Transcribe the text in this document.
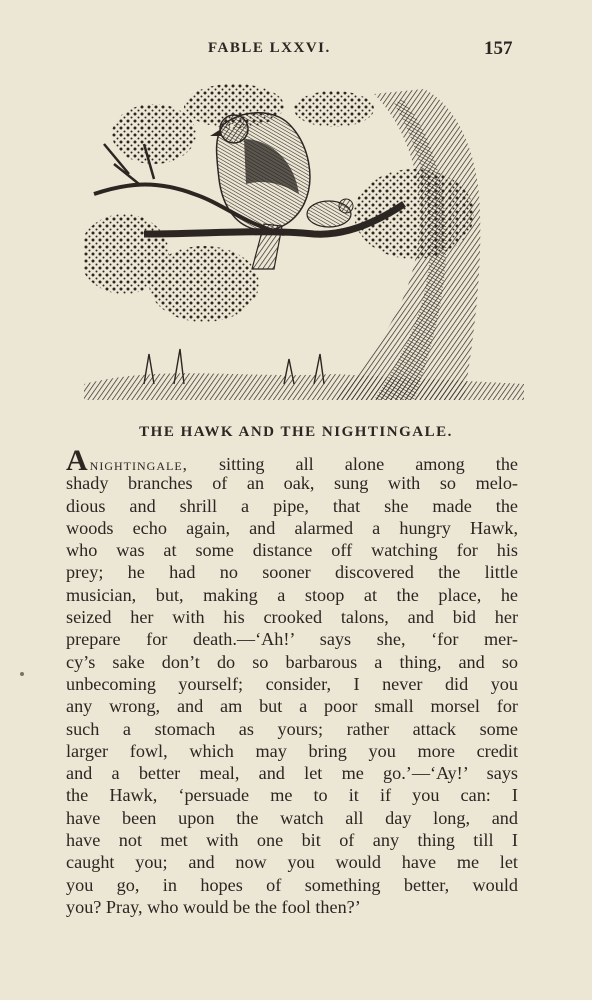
FABLE LXXVI.	157
THE HAWK AND THE NIGHTINGALE.
Anightingale, sitting all alone among the
shady branches of an oak, sung with so melo-
dious and shrill a pipe, that she made the
woods echo again, and alarmed a hungry Hawk,
who was at some distance off watching for his
prey; he had no sooner discovered the little
musician, but, making a stoop at the place, he
seized her with his crooked talons, and bid her
prepare for death.—‘Ah!’ says she, ‘for mer-
cy’s sake don’t do so barbarous a thing, and so
unbecoming yourself; consider, I never did you
any wrong, and am but a poor small morsel for
such a stomach as yours; rather attack some
larger fowl, which may bring you more credit
and a better meal, and let me go.’—‘Ay!’ says
the Hawk, ‘persuade me to it if you can: I
have been upon the watch all day long, and
have not met with one bit of any thing till I
caught you; and now you would have me let
you go, in hopes of something better, would
you? Pray, who would be the fool then?’
